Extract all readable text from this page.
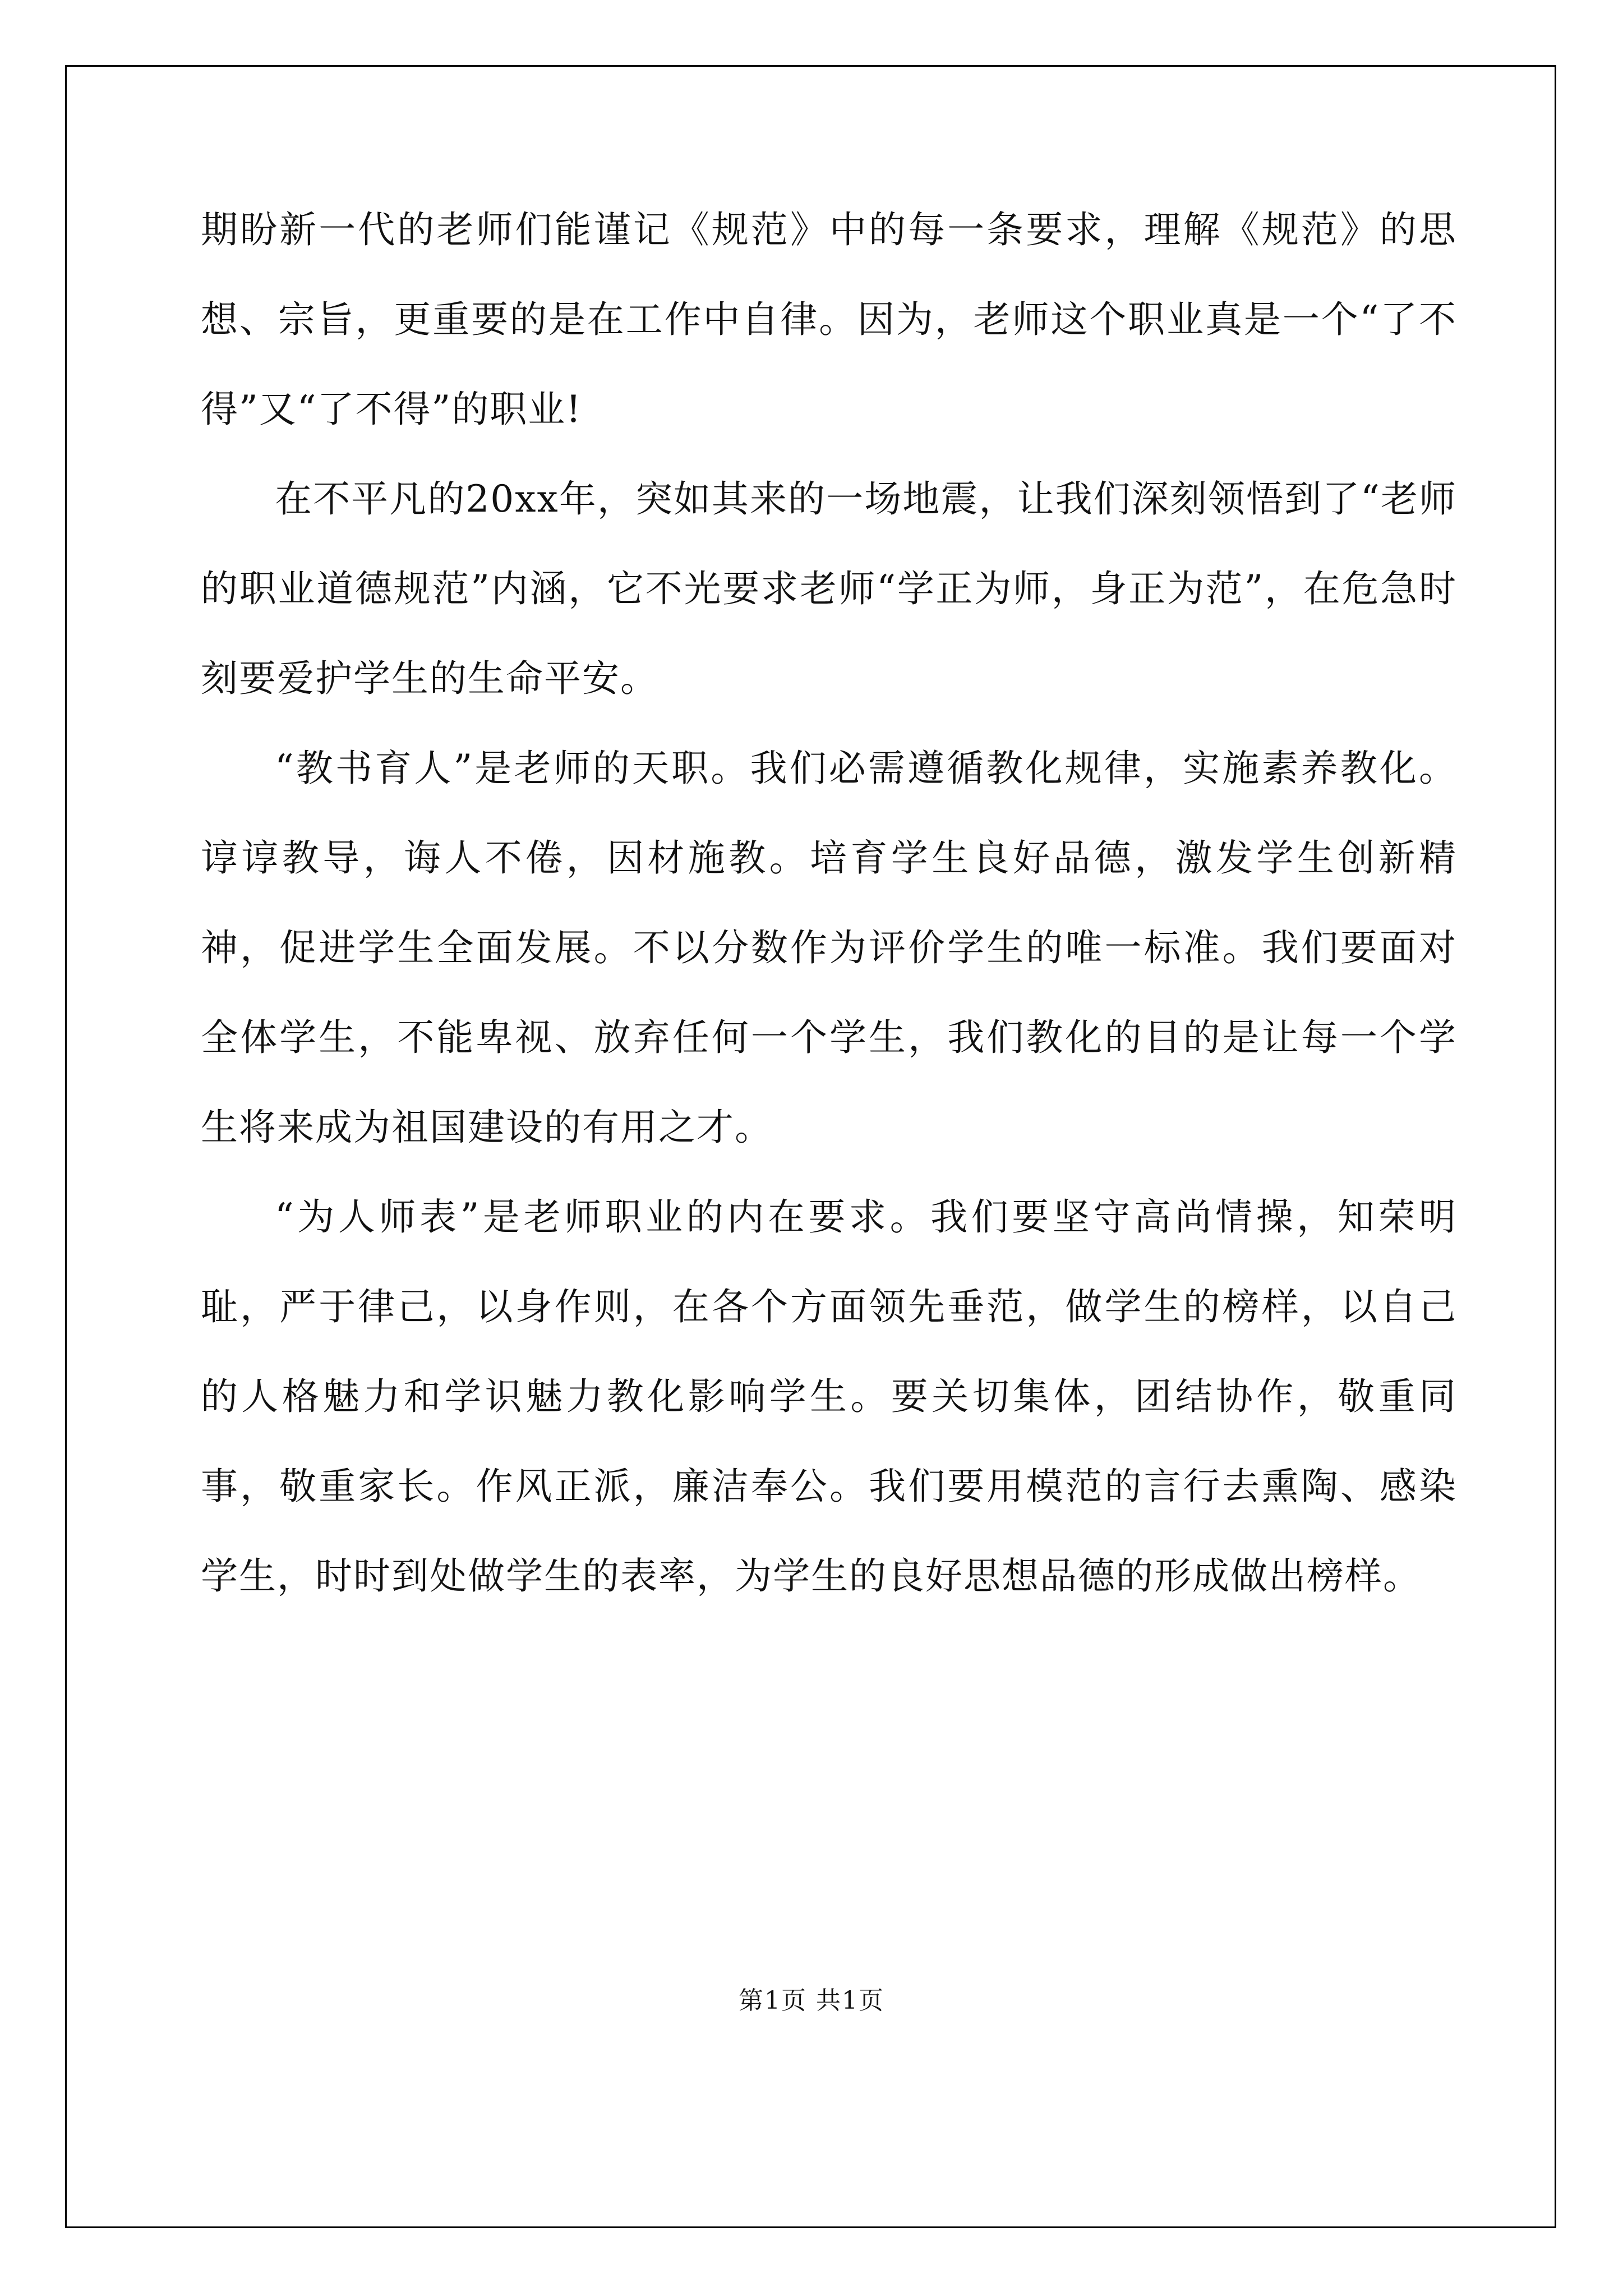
期盼新一代的老师们能谨记《规范》中的每一条要求，理解《规范》的思想、宗旨，更重要的是在工作中自律。因为，老师这个职业真是一个“了不得”又“了不得”的职业!

在不平凡的20xx年，突如其来的一场地震，让我们深刻领悟到了“老师的职业道德规范”内涵，它不光要求老师“学正为师，身正为范”，在危急时刻要爱护学生的生命平安。

“教书育人”是老师的天职。我们必需遵循教化规律，实施素养教化。谆谆教导，诲人不倦，因材施教。培育学生良好品德，激发学生创新精神，促进学生全面发展。不以分数作为评价学生的唯一标准。我们要面对全体学生，不能卑视、放弃任何一个学生，我们教化的目的是让每一个学生将来成为祖国建设的有用之才。

“为人师表”是老师职业的内在要求。我们要坚守高尚情操，知荣明耻，严于律己，以身作则，在各个方面领先垂范，做学生的榜样，以自己的人格魅力和学识魅力教化影响学生。要关切集体，团结协作，敬重同事，敬重家长。作风正派，廉洁奉公。我们要用模范的言行去熏陶、感染学生，时时到处做学生的表率，为学生的良好思想品德的形成做出榜样。

第1页 共1页
